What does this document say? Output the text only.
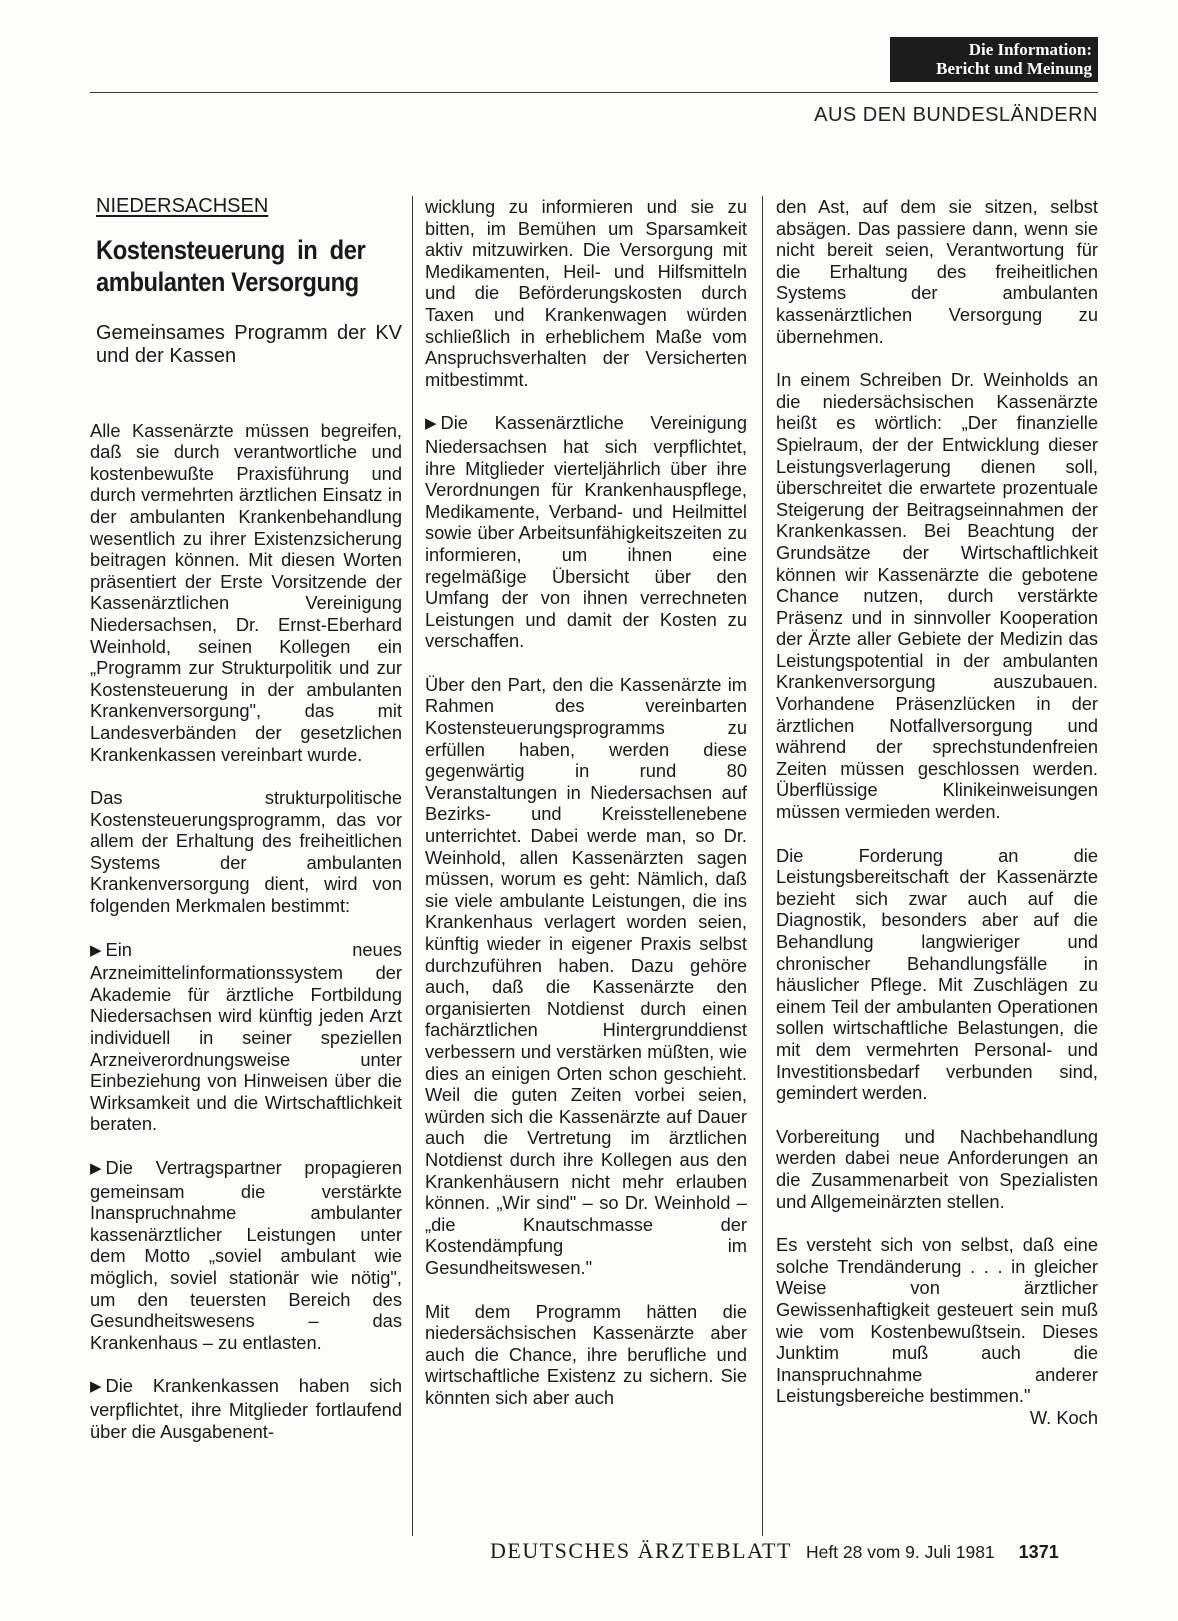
Die Information:
Bericht und Meinung
AUS DEN BUNDESLÄNDERN
NIEDERSACHSEN
Kostensteuerung in der ambulanten Versorgung
Gemeinsames Programm der KV und der Kassen

Alle Kassenärzte müssen begreifen, daß sie durch verantwortliche und kostenbewußte Praxisführung und durch vermehrten ärztlichen Einsatz in der ambulanten Krankenbehandlung wesentlich zu ihrer Existenzsicherung beitragen können. Mit diesen Worten präsentiert der Erste Vorsitzende der Kassenärztlichen Vereinigung Niedersachsen, Dr. Ernst-Eberhard Weinhold, seinen Kollegen ein „Programm zur Strukturpolitik und zur Kostensteuerung in der ambulanten Krankenversorgung", das mit Landesverbänden der gesetzlichen Krankenkassen vereinbart wurde.

Das strukturpolitische Kostensteuerungsprogramm, das vor allem der Erhaltung des freiheitlichen Systems der ambulanten Krankenversorgung dient, wird von folgenden Merkmalen bestimmt:

▶ Ein neues Arzneimittelinformationssystem der Akademie für ärztliche Fortbildung Niedersachsen wird künftig jeden Arzt individuell in seiner speziellen Arzneiverordnungsweise unter Einbeziehung von Hinweisen über die Wirksamkeit und die Wirtschaftlichkeit beraten.

▶ Die Vertragspartner propagieren gemeinsam die verstärkte Inanspruchnahme ambulanter kassenärztlicher Leistungen unter dem Motto „soviel ambulant wie möglich, soviel stationär wie nötig", um den teuersten Bereich des Gesundheitswesens – das Krankenhaus – zu entlasten.

▶ Die Krankenkassen haben sich verpflichtet, ihre Mitglieder fortlaufend über die Ausgabenent-

wicklung zu informieren und sie zu bitten, im Bemühen um Sparsamkeit aktiv mitzuwirken. Die Versorgung mit Medikamenten, Heil- und Hilfsmitteln und die Beförderungskosten durch Taxen und Krankenwagen würden schließlich in erheblichem Maße vom Anspruchsverhalten der Versicherten mitbestimmt.

▶ Die Kassenärztliche Vereinigung Niedersachsen hat sich verpflichtet, ihre Mitglieder vierteljährlich über ihre Verordnungen für Krankenhauspflege, Medikamente, Verband- und Heilmittel sowie über Arbeitsunfähigkeitszeiten zu informieren, um ihnen eine regelmäßige Übersicht über den Umfang der von ihnen verrechneten Leistungen und damit der Kosten zu verschaffen.

Über den Part, den die Kassenärzte im Rahmen des vereinbarten Kostensteuerungsprogramms zu erfüllen haben, werden diese gegenwärtig in rund 80 Veranstaltungen in Niedersachsen auf Bezirks- und Kreisstellenebene unterrichtet. Dabei werde man, so Dr. Weinhold, allen Kassenärzten sagen müssen, worum es geht: Nämlich, daß sie viele ambulante Leistungen, die ins Krankenhaus verlagert worden seien, künftig wieder in eigener Praxis selbst durchzuführen haben. Dazu gehöre auch, daß die Kassenärzte den organisierten Notdienst durch einen fachärztlichen Hintergrunddienst verbessern und verstärken müßten, wie dies an einigen Orten schon geschieht. Weil die guten Zeiten vorbei seien, würden sich die Kassenärzte auf Dauer auch die Vertretung im ärztlichen Notdienst durch ihre Kollegen aus den Krankenhäusern nicht mehr erlauben können. „Wir sind" – so Dr. Weinhold – „die Knautschmasse der Kostendämpfung im Gesundheitswesen."

Mit dem Programm hätten die niedersächsischen Kassenärzte aber auch die Chance, ihre berufliche und wirtschaftliche Existenz zu sichern. Sie könnten sich aber auch

den Ast, auf dem sie sitzen, selbst absägen. Das passiere dann, wenn sie nicht bereit seien, Verantwortung für die Erhaltung des freiheitlichen Systems der ambulanten kassenärztlichen Versorgung zu übernehmen.

In einem Schreiben Dr. Weinholds an die niedersächsischen Kassenärzte heißt es wörtlich: „Der finanzielle Spielraum, der der Entwicklung dieser Leistungsverlagerung dienen soll, überschreitet die erwartete prozentuale Steigerung der Beitragseinnahmen der Krankenkassen. Bei Beachtung der Grundsätze der Wirtschaftlichkeit können wir Kassenärzte die gebotene Chance nutzen, durch verstärkte Präsenz und in sinnvoller Kooperation der Ärzte aller Gebiete der Medizin das Leistungspotential in der ambulanten Krankenversorgung auszubauen. Vorhandene Präsenzlücken in der ärztlichen Notfallversorgung und während der sprechstundenfreien Zeiten müssen geschlossen werden. Überflüssige Klinikeinweisungen müssen vermieden werden.

Die Forderung an die Leistungsbereitschaft der Kassenärzte bezieht sich zwar auch auf die Diagnostik, besonders aber auf die Behandlung langwieriger und chronischer Behandlungsfälle in häuslicher Pflege. Mit Zuschlägen zu einem Teil der ambulanten Operationen sollen wirtschaftliche Belastungen, die mit dem vermehrten Personal- und Investitionsbedarf verbunden sind, gemindert werden.

Vorbereitung und Nachbehandlung werden dabei neue Anforderungen an die Zusammenarbeit von Spezialisten und Allgemeinärzten stellen.

Es versteht sich von selbst, daß eine solche Trendänderung . . . in gleicher Weise von ärztlicher Gewissenhaftigkeit gesteuert sein muß wie vom Kostenbewußtsein. Dieses Junktim muß auch die Inanspruchnahme anderer Leistungsbereiche bestimmen."

W. Koch
DEUTSCHES ÄRZTEBLATT Heft 28 vom 9. Juli 1981 1371
